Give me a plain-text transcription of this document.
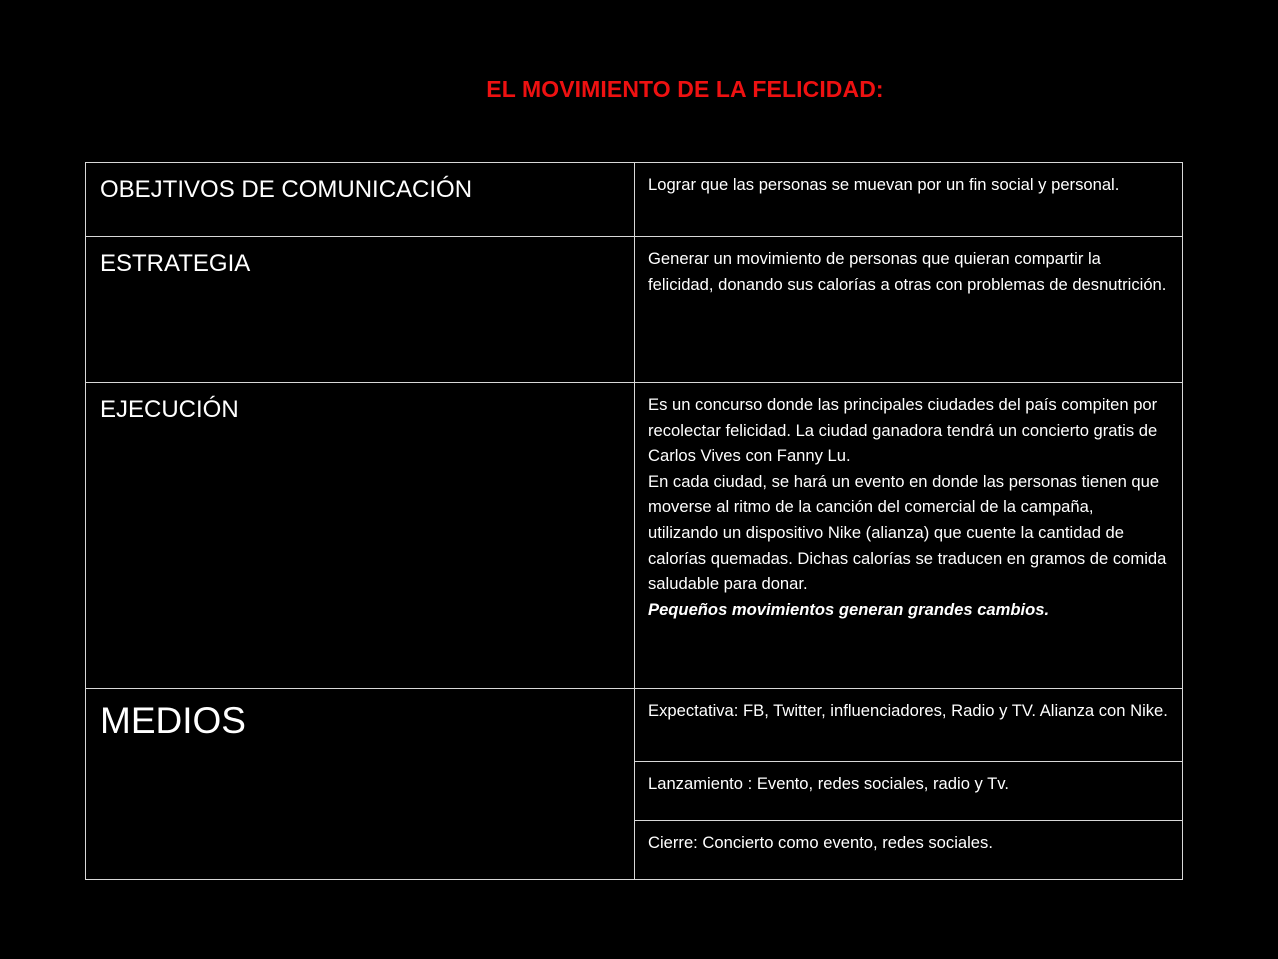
EL MOVIMIENTO DE LA FELICIDAD:
OBEJTIVOS DE COMUNICACIÓN	Lograr que las personas se muevan por un fin social y personal.

ESTRATEGIA	Generar un movimiento de personas que quieran compartir la felicidad, donando sus calorías a otras con problemas de desnutrición.

EJECUCIÓN	Es un concurso donde las principales ciudades del país compiten por recolectar felicidad. La ciudad ganadora tendrá un concierto gratis de Carlos Vives con Fanny Lu.

En cada ciudad, se hará un evento en donde las personas tienen que moverse al ritmo de la canción del comercial de la campaña, utilizando un dispositivo Nike (alianza) que cuente la cantidad de calorías quemadas. Dichas calorías se traducen en gramos de comida saludable para donar.

Pequeños movimientos generan grandes cambios.

MEDIOS	Expectativa: FB, Twitter, influenciadores, Radio y TV. Alianza con Nike.

	Lanzamiento : Evento, redes sociales, radio y Tv.

	Cierre: Concierto como evento, redes sociales.
